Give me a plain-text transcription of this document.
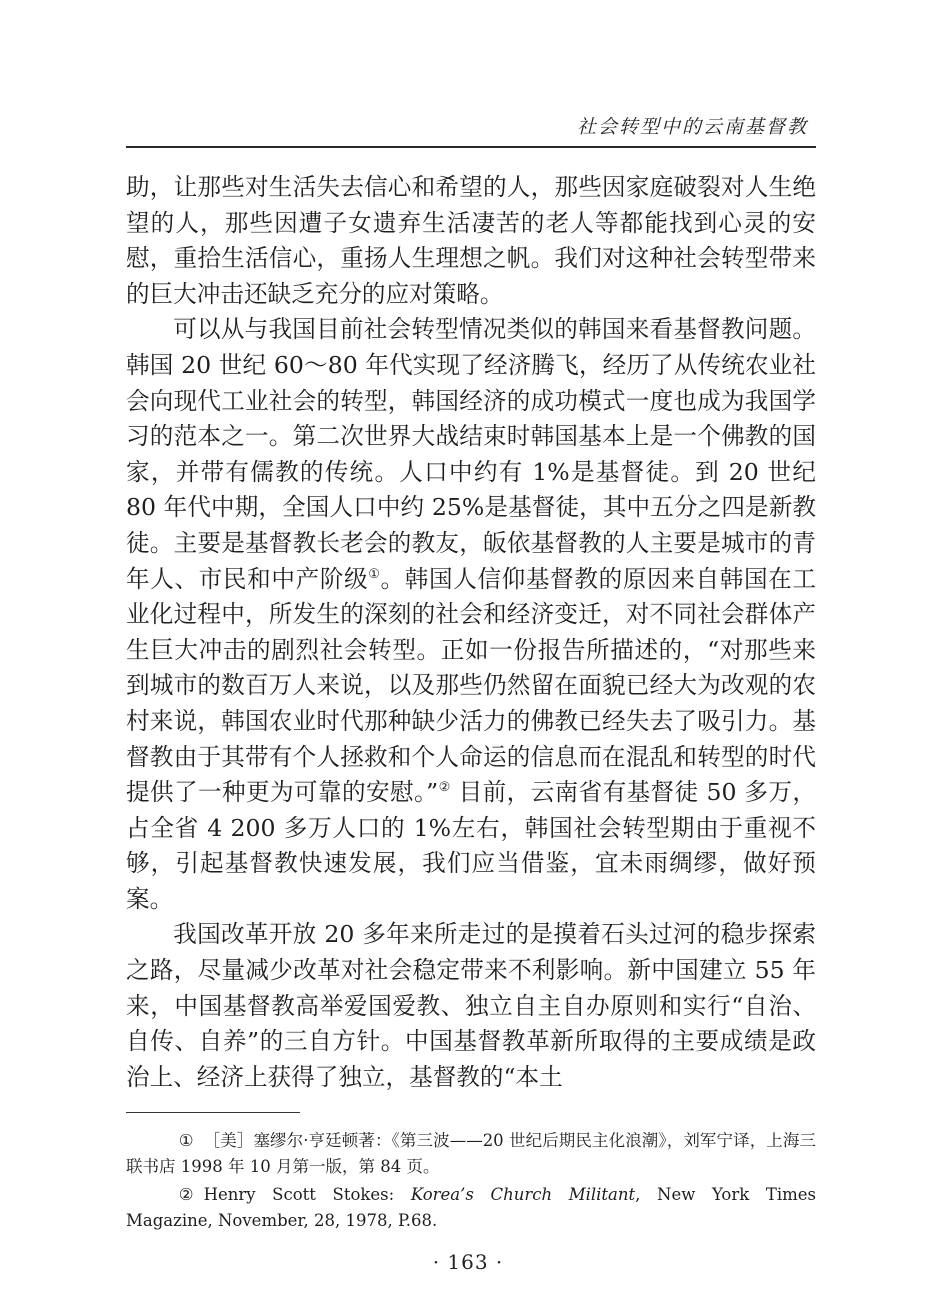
社会转型中的云南基督教

助，让那些对生活失去信心和希望的人，那些因家庭破裂对人生绝望的人，那些因遭子女遗弃生活凄苦的老人等都能找到心灵的安慰，重拾生活信心，重扬人生理想之帆。我们对这种社会转型带来的巨大冲击还缺乏充分的应对策略。

可以从与我国目前社会转型情况类似的韩国来看基督教问题。韩国 20 世纪 60～80 年代实现了经济腾飞，经历了从传统农业社会向现代工业社会的转型，韩国经济的成功模式一度也成为我国学习的范本之一。第二次世界大战结束时韩国基本上是一个佛教的国家，并带有儒教的传统。人口中约有 1%是基督徒。到 20 世纪 80 年代中期，全国人口中约 25%是基督徒，其中五分之四是新教徒。主要是基督教长老会的教友，皈依基督教的人主要是城市的青年人、市民和中产阶级①。韩国人信仰基督教的原因来自韩国在工业化过程中，所发生的深刻的社会和经济变迁，对不同社会群体产生巨大冲击的剧烈社会转型。正如一份报告所描述的，“对那些来到城市的数百万人来说，以及那些仍然留在面貌已经大为改观的农村来说，韩国农业时代那种缺少活力的佛教已经失去了吸引力。基督教由于其带有个人拯救和个人命运的信息而在混乱和转型的时代提供了一种更为可靠的安慰。”② 目前，云南省有基督徒 50 多万，占全省 4 200 多万人口的 1%左右，韩国社会转型期由于重视不够，引起基督教快速发展，我们应当借鉴，宜未雨绸缪，做好预案。

我国改革开放 20 多年来所走过的是摸着石头过河的稳步探索之路，尽量减少改革对社会稳定带来不利影响。新中国建立 55 年来，中国基督教高举爱国爱教、独立自主自办原则和实行“自治、自传、自养”的三自方针。中国基督教革新所取得的主要成绩是政治上、经济上获得了独立，基督教的“本土

① ［美］塞缪尔·亨廷顿著：《第三波——20 世纪后期民主化浪潮》，刘军宁译，上海三联书店 1998 年 10 月第一版，第 84 页。

② Henry Scott Stokes: Korea’s Church Militant, New York Times Magazine, November, 28, 1978, P.68.

· 163 ·
